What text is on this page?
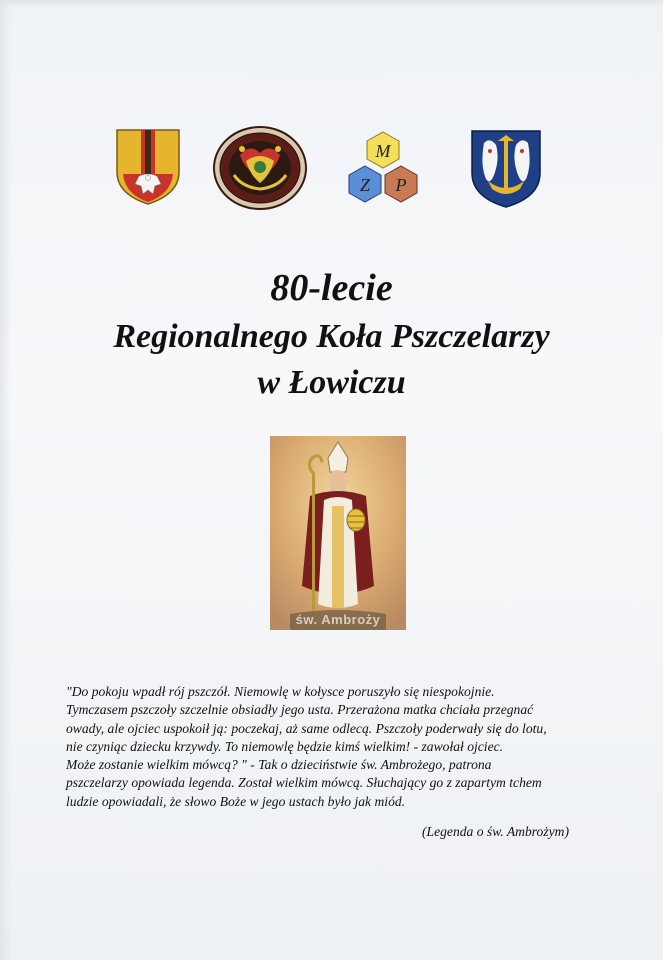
M
Z P
80-lecie
Regionalnego Koła Pszczelarzy
w Łowiczu
św. Ambroży
"Do pokoju wpadł rój pszczół. Niemowlę w kołysce poruszyło się niespokojnie.
Tymczasem pszczoły szczelnie obsiadły jego usta. Przerażona matka chciała przegnać
owady, ale ojciec uspokoił ją: poczekaj, aż same odlecą. Pszczoły poderwały się do lotu,
nie czyniąc dziecku krzywdy. To niemowlę będzie kimś wielkim! - zawołał ojciec.
Może zostanie wielkim mówcą? " - Tak o dzieciństwie św. Ambrożego, patrona
pszczelarzy opowiada legenda. Został wielkim mówcą. Słuchający go z zapartym tchem
ludzie opowiadali, że słowo Boże w jego ustach było jak miód.
(Legenda o św. Ambrożym)
